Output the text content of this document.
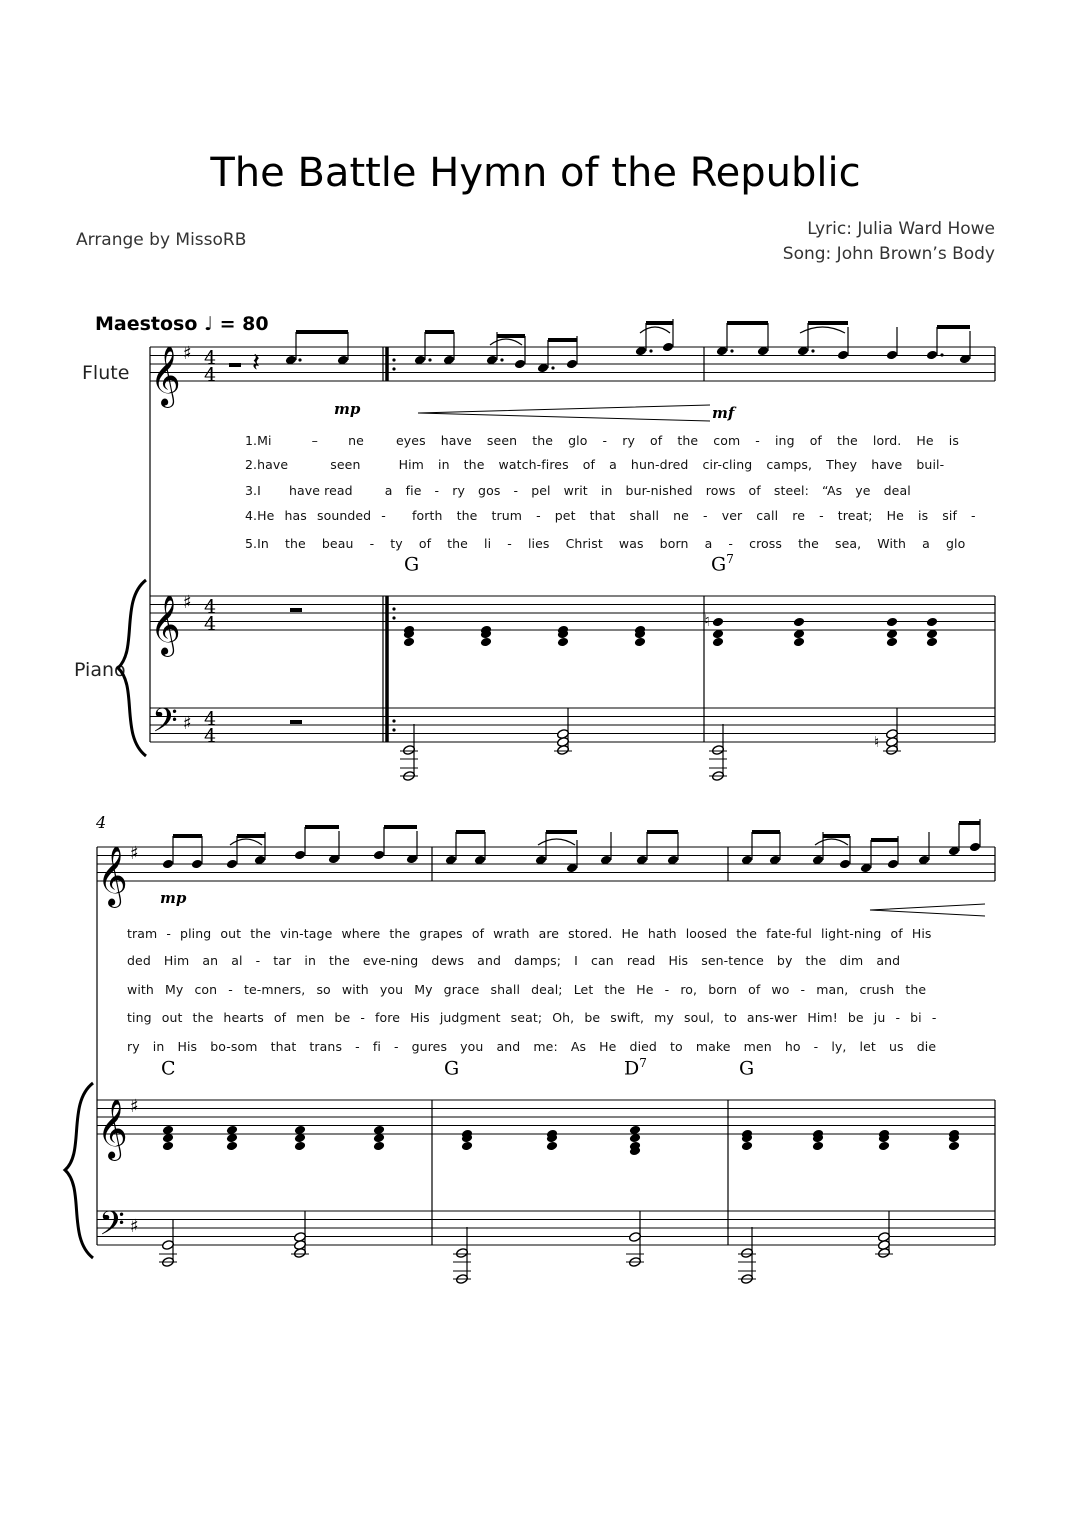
The Battle Hymn of the Republic
Arrange by MissoRB
Lyric: Julia Ward Howe
Song: John Brown’s Body
Maestoso ♩ = 80
Flute
Piano
mp	mf
mp
4
1.Mi	– ne	eyes have seen the glo - ry of the com - ing of the lord. He is
2.have	seen	Him in the watch-fires of a hun-dred cir-cling camps, They have buil-
3.I have read	a fie - ry gos - pel writ in bur-nished rows of steel: “As ye deal
4.He has sounded - forth the trum - pet that shall ne - ver call re - treat; He is sif -
5.In the beau - ty of the li - lies Christ was born a - cross the sea, With a glo
G	$G^7$
tram - pling out the vin-tage where the grapes of wrath are stored. He hath loosed the fate-ful light-ning of His
ded Him an al - tar in the eve-ning dews and damps; I can read His sen-tence by the dim and
with My con - te-mners, so with you My grace shall deal; Let the He - ro, born of wo - man, crush the
ting out the hearts of men be - fore His judgment seat; Oh, be swift, my soul, to ans-wer Him! be ju - bi -
ry in His bo-som that trans - fi - gures you and me: As He died to make men ho - ly, let us die
C	G	$D^7$	G
𝄞
𝄞
𝄢
♯
♯
♯
4
4
4
4
4
4
𝄽
♮
♮
𝄞
𝄞
𝄢
♯
♯
♯
